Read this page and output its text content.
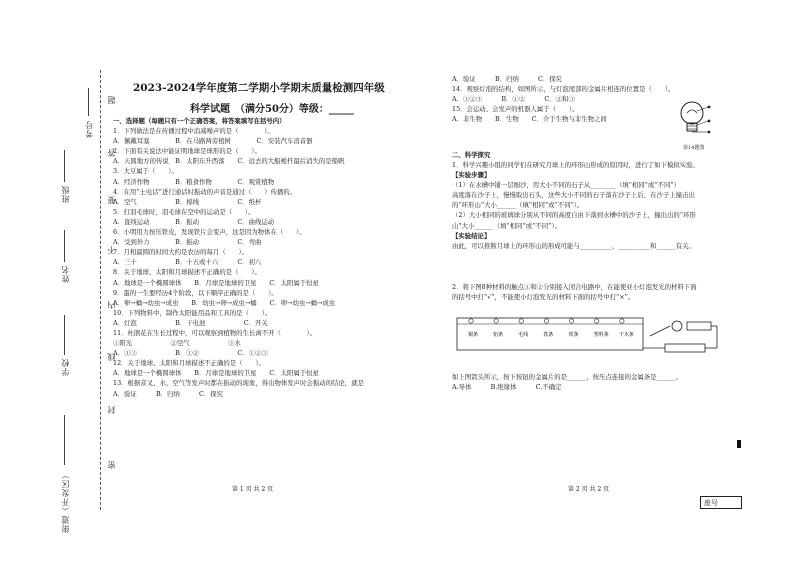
考号
班级
姓名
学校
街道（开发区）
题
答
要
不
内
线
封
密
2023-2024学年度第二学期小学期末质量检测四年级
科学试题　（满分50分）等级：_____

一、选择题（每题只有一个正确答案，将答案填写在括号内）

1．下列做法是在传播过程中消减噪声的是（　　　　）。

A．佩戴耳塞　　　　B．在马路两旁植树　　　　C．安装汽车消音器

2．下面有关说法中能证明地球是球形的是（　　）。

A．天圆地方的传说　B．太阳东升西落　　C．远去的大船桅杆最后消失的是船帆

3．大豆属于（　　）。

A．经济作物　　　　B．粮食作物　　　　C．观赏植物

4．在用“土电话”进行通话时振动的声音是通过（　　）传播的。

A．空气　　　　　　B．棉线　　　　　　C．纸杯

5．打羽毛球时，羽毛球在空中的运动是（　　）。

A．直线运动　　　　B．振动　　　　　　C．曲线运动

6．小明用力按压铁皮，发现铁片会变声，这是因为物体在（　　）。

A．受到外力　　　　B．振动　　　　　　C．弯曲

7．月相最圆的时间大约是农历的每月（　　）。

A．三十　　　　　　B．十五或十六　　　C．初八

8．关于地球、太阳和月球描述不正确的是（　　）。

A．地球是一个椭圆球体　　B．月球是地球的卫星　　C．太阳属于恒星

9．蛋的一生要经历4个阶段，以下顺序正确的是（　　）。

A．卵→蛹→幼虫→成虫　　B．幼虫→卵→成虫→蛹　　C．卵→幼虫→蛹→成虫

10．下列物料中，制作太阳能用品和工具的是（　　）。

A．灯泡　　　　　　B．干电池　　　　　　C．开关

11．杜鹃花在生长过程中，可以观察到植物的生长离不开（　　　　）。

①阳光　　　　　　②空气　　　　　　③水

A．①③　　　　　　B．①②　　　　　　C．①②③

12．关于地球、太阳和月球描述不正确的是（　　）。

A．地球是一个椭圆球体　　B．月球是地球的卫星　　C．太阳属于恒星

13．根据音叉、水、空气等发声时都在振动的现象，得出物体发声时会振动的结论，就是

A．验证　　　B．归纳　　　C．探究

第 1 页 共 2 页

A．验证　　　B．归纳　　　C．探究

14．观察灯泡的结构，如图所示，与灯泡尾部的金属片相连的位置是（　　）。

A．①②③　　　B．①②　　　C．②和③

15．会运动、会发声的机器人属于（　　）。

A．非生物　　B．生物　　C．介于生物与非生物之间

第14题图

二、科学探究

1．科学兴趣小组的同学们在研究月球上的环形山形成的原因时，进行了如下模拟实验。

【实验步骤】

（1）在水槽中铺一层细沙，用大小不同的石子从________（填“相同”或“不同”）

高度落在沙子上，慢慢取出石头，这些大小不同的石子落在沙子上后，在沙子上撞击出

的“环形山”大小______（填“相同”或“不同”）。

（2）大小相同的玻璃球分别从不同的高度自由下落到水槽中的沙子上，撞出出的“环形

山”大小______（填“相同”或“不同”）。

【实验结论】

由此，可以推断月球上的环形山的形成可能与__________、__________和______有关。

2．将下图8种材料的触点①和②分别接入闭合电路中，在能使亚小灯泡发光的材料下面

的括号中打“√”，不能使小灯泡发光的材料下面的括号中打“×”。

铜条	铝条	毛线	铁条	铁条	塑料条 干木条

如上图箭头所示，按下按钮的金属片的是______，按压点连接的金属条是______。

A.导体　　　B.绝缘体　　　C.不确定

第 2 页 共 2 页
座号
